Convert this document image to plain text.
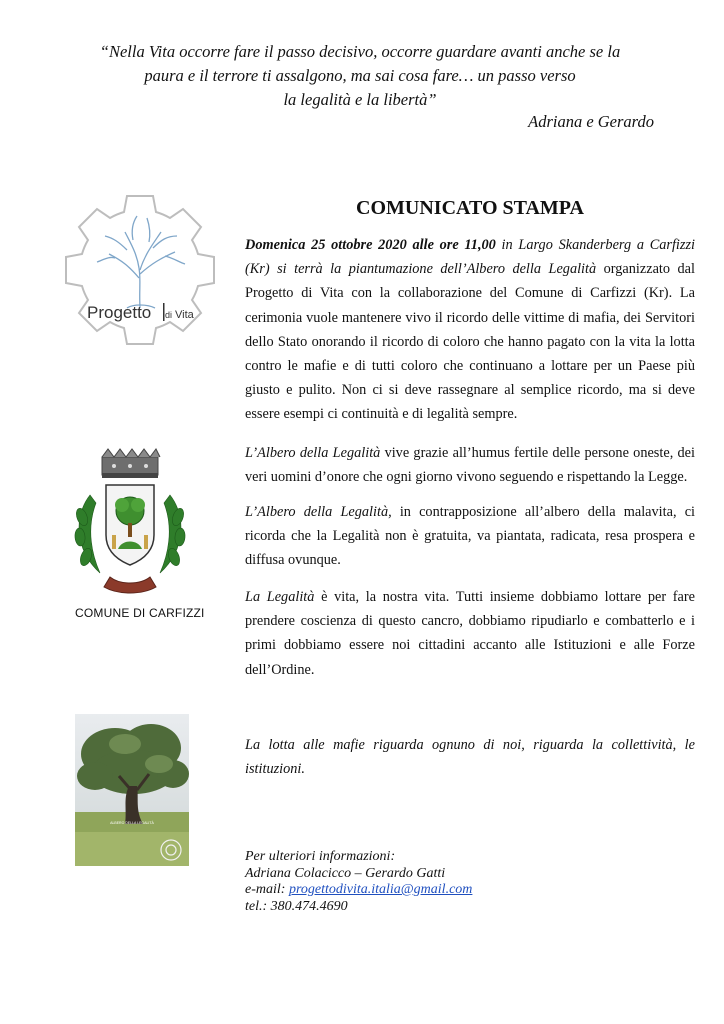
“Nella Vita occorre fare il passo decisivo, occorre guardare avanti anche se la
paura e il terrore ti assalgono, ma sai cosa fare… un passo verso
la legalità e la libertà”
Adriana e Gerardo
Progetto di Vita
COMUNICATO STAMPA
Domenica 25 ottobre 2020 alle ore 11,00 in Largo Skanderberg a Carfizzi (Kr) si terrà la piantumazione dell’Albero della Legalità organizzato dal Progetto di Vita con la collaborazione del Comune di Carfizzi (Kr). La cerimonia vuole mantenere vivo il ricordo delle vittime di mafia, dei Servitori dello Stato onorando il ricordo di coloro che hanno pagato con la vita la lotta contro le mafie e di tutti coloro che continuano a lottare per un Paese più giusto e pulito. Non ci si deve rassegnare al semplice ricordo, ma si deve essere esempi ci continuità e di legalità sempre.
COMUNE DI CARFIZZI
L’Albero della Legalità vive grazie all’humus fertile delle persone oneste, dei veri uomini d’onore che ogni giorno vivono seguendo e rispettando la Legge.
L’Albero della Legalità, in contrapposizione all’albero della malavita, ci ricorda che la Legalità non è gratuita, va piantata, radicata, resa prospera e diffusa ovunque.
La Legalità è vita, la nostra vita. Tutti insieme dobbiamo lottare per fare prendere coscienza di questo cancro, dobbiamo ripudiarlo e combatterlo e i primi dobbiamo essere noi cittadini accanto alle Istituzioni e alle Forze dell’Ordine.
ALBERO DELLA LEGALITÀ
La lotta alle mafie riguarda ognuno di noi, riguarda la collettività, le istituzioni.
Per ulteriori informazioni:
Adriana Colacicco – Gerardo Gatti
e-mail: progettodivita.italia@gmail.com
tel.: 380.474.4690
